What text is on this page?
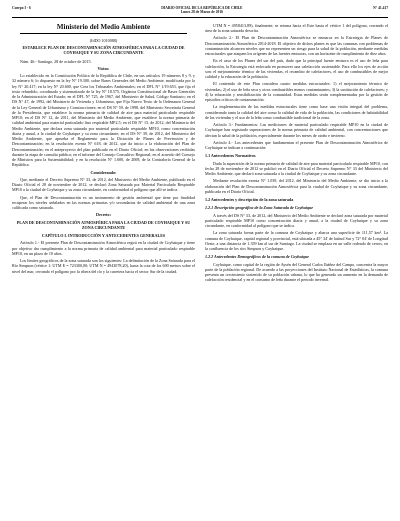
Cuerpo I - 6	DIARIO OFICIAL DE LA REPÚBLICA DE CHILE
Lunes 28 de Marzo de 2016
N° 41.417
Ministerio del Medio Ambiente

(IdDO 1010088)

ESTABLECE PLAN DE DESCONTAMINACIÓN ATMOSFÉRICA PARA LA CIUDAD DE COYHAIQUE Y SU ZONA CIRCUNDANTE

Núm. 46.- Santiago, 28 de octubre de 2015.

Vistos:

Lo establecido en la Constitución Política de la República de Chile, en sus artículos 19 números 8 y 9, y 32 número 6; lo dispuesto en la ley N° 19.300, sobre Bases Generales del Medio Ambiente, modificada por la ley N° 20.417; en la ley N° 20.600, que Crea los Tribunales Ambientales; en el DFL N° 1/19.653, que fija el texto refundido, coordinado y sistematizado de la ley N° 18.575, Orgánica Constitucional de Bases Generales de la Administración del Estado; en el DFL N° 725, de 1967, del Ministerio de Salud, Código Sanitario; en el DS N° 47, de 1992, del Ministerio de Vivienda y Urbanismo, que Fija Nuevo Texto de la Ordenanza General de la Ley General de Urbanismo y Construcciones; en el DS N° 59, de 1998, del Ministerio Secretaría General de la Presidencia, que establece la norma primaria de calidad de aire para material particulado respirable MP10; en el DS N° 12, de 2011, del Ministerio del Medio Ambiente, que establece la norma primaria de calidad ambiental para material particulado fino respirable MP2,5; en el DS N° 15, de 2012, del Ministerio del Medio Ambiente, que declara zona saturada por material particulado respirable MP10, como concentración diaria y anual, a la ciudad de Coyhaique y su zona circundante; en el DS N° 39, de 2012, del Ministerio del Medio Ambiente, que aprueba el Reglamento para la Dictación de Planes de Prevención y de Descontaminación; en la resolución exenta N° 618, de 2012, que da inicio a la elaboración del Plan de Descontaminación; en el anteproyecto del plan publicado en el Diario Oficial; en las observaciones recibidas durante la etapa de consulta pública; en el informe del Consejo Consultivo Regional; en el acuerdo del Consejo de Ministros para la Sustentabilidad; y en la resolución N° 1.600, de 2008, de la Contraloría General de la República.

Considerando:

Que, mediante el Decreto Supremo N° 33, de 2012, del Ministerio del Medio Ambiente, publicado en el Diario Oficial el 28 de noviembre de 2012, se declaró Zona Saturada por Material Particulado Respirable MP10 a la ciudad de Coyhaique y su zona circundante, en conformidad al polígono que allí se indica.

Que, el Plan de Descontaminación es un instrumento de gestión ambiental que tiene por finalidad recuperar los niveles señalados en las normas primarias y/o secundarias de calidad ambiental de una zona calificada como saturada.

Decreto:

PLAN DE DESCONTAMINACIÓN ATMOSFÉRICA PARA LA CIUDAD DE COYHAIQUE Y SU ZONA CIRCUNDANTE

CAPÍTULO I. INTRODUCCIÓN Y ANTECEDENTES GENERALES

Artículo 1.- El presente Plan de Descontaminación Atmosférica regirá en la ciudad de Coyhaique y tiene por objetivo dar cumplimiento a la norma primaria de calidad ambiental para material particulado respirable MP10, en un plazo de 10 años.

Los límites geográficos de la zona saturada son los siguientes: La delimitación de la Zona Saturada para el Río Simpson (vértice 1: UTM E = 723300,00; UTM N = 4943078,20), hasta la cota de los 600 metros sobre el nivel del mar, cerrando el polígono por la ribera del río y la carretera hacia el sector Sur de la ciudad.

UTM N = 4958413,89), finalmente, se retoma hacia el Este hasta el vértice 1 del polígono, cerrando el área de la zona saturada descrita.

Artículo 2.- El Plan de Descontaminación Atmosférica se enmarca en la Estrategia de Planes de Descontaminación Atmosférica 2014-2018. El objetivo de dichos planes es que las comunas con problemas de contaminación alcancen niveles que no representen un riesgo para la salud de la población, mediante medidas estructurales que ataquen los orígenes de las fuentes emisoras, con un horizonte de cumplimiento de diez años.

En el caso de los Planes del sur del país, dado que la principal fuente emisora es el uso de leña para calefacción, la Estrategia está enfocada en promover una calefacción sustentable. Para ello los ejes de acción son: el mejoramiento térmico de las viviendas, el recambio de calefactores, el uso de combustibles de mejor calidad y la educación de la población.

El contenido de este Plan considera cuatro medidas estructurales: 1) el mejoramiento térmico de viviendas; 2) el uso de leña seca y otros combustibles menos contaminantes; 3) la sustitución de calefactores; y 4) la educación y sensibilización de la comunidad. Estas medidas serán complementadas por la gestión de episodios críticos de contaminación.

La implementación de las medidas estructurales tiene como base una visión integral del problema, considerando tanto la calidad del aire como la calidad de vida de la población, las condiciones de habitabilidad de las viviendas y el uso de la leña como combustible tradicional de la zona.

Artículo 3.- Fundamentos: Las mediciones de material particulado respirable MP10 en la ciudad de Coyhaique han registrado superaciones de la norma primaria de calidad ambiental, con concentraciones que afectan la salud de la población, especialmente durante los meses de otoño e invierno.

Artículo 4.- Los antecedentes que fundamentan el presente Plan de Descontaminación Atmosférica de Coyhaique se indican a continuación:

1.1 Antecedentes Normativos

Dada la superación de la norma primaria de calidad de aire para material particulado respirable MP10, con fecha 28 de noviembre de 2012 se publicó en el Diario Oficial el Decreto Supremo N° 33 del Ministerio del Medio Ambiente, que declaró zona saturada a la ciudad de Coyhaique y su zona circundante.

Mediante resolución exenta N° 1.039, del 2012, del Ministerio del Medio Ambiente, se dio inicio a la elaboración del Plan de Descontaminación Atmosférica para la ciudad de Coyhaique y su zona circundante, publicada en el Diario Oficial.

1.2 Antecedentes y descripción de la zona saturada

1.2.1 Descripción geográfica de la Zona Saturada de Coyhaique

A través del DS N° 33, de 2012, del Ministerio del Medio Ambiente se declaró zona saturada por material particulado respirable MP10 como concentración diaria y anual, a la ciudad de Coyhaique y su zona circundante, en conformidad al polígono que se indica.

La zona saturada forma parte de la comuna de Coyhaique y abarca una superficie de 111,57 km². La comuna de Coyhaique, capital regional y provincial, está ubicada a 45° 34' de latitud Sur y 72° 04' de Longitud Oeste, a una distancia de 1.359 km al sur de Santiago. La ciudad se emplaza en un valle rodeado de cerros, en la confluencia de los ríos Simpson y Coyhaique.

1.2.2 Antecedentes Demográficos de la comuna de Coyhaique

Coyhaique, como capital de la región de Aysén del General Carlos Ibáñez del Campo, concentra la mayor parte de la población regional. De acuerdo a las proyecciones del Instituto Nacional de Estadísticas, la comuna presenta un crecimiento sostenido de su población urbana, lo que ha generado un aumento en la demanda de calefacción residencial y en el consumo de leña durante el periodo invernal.
